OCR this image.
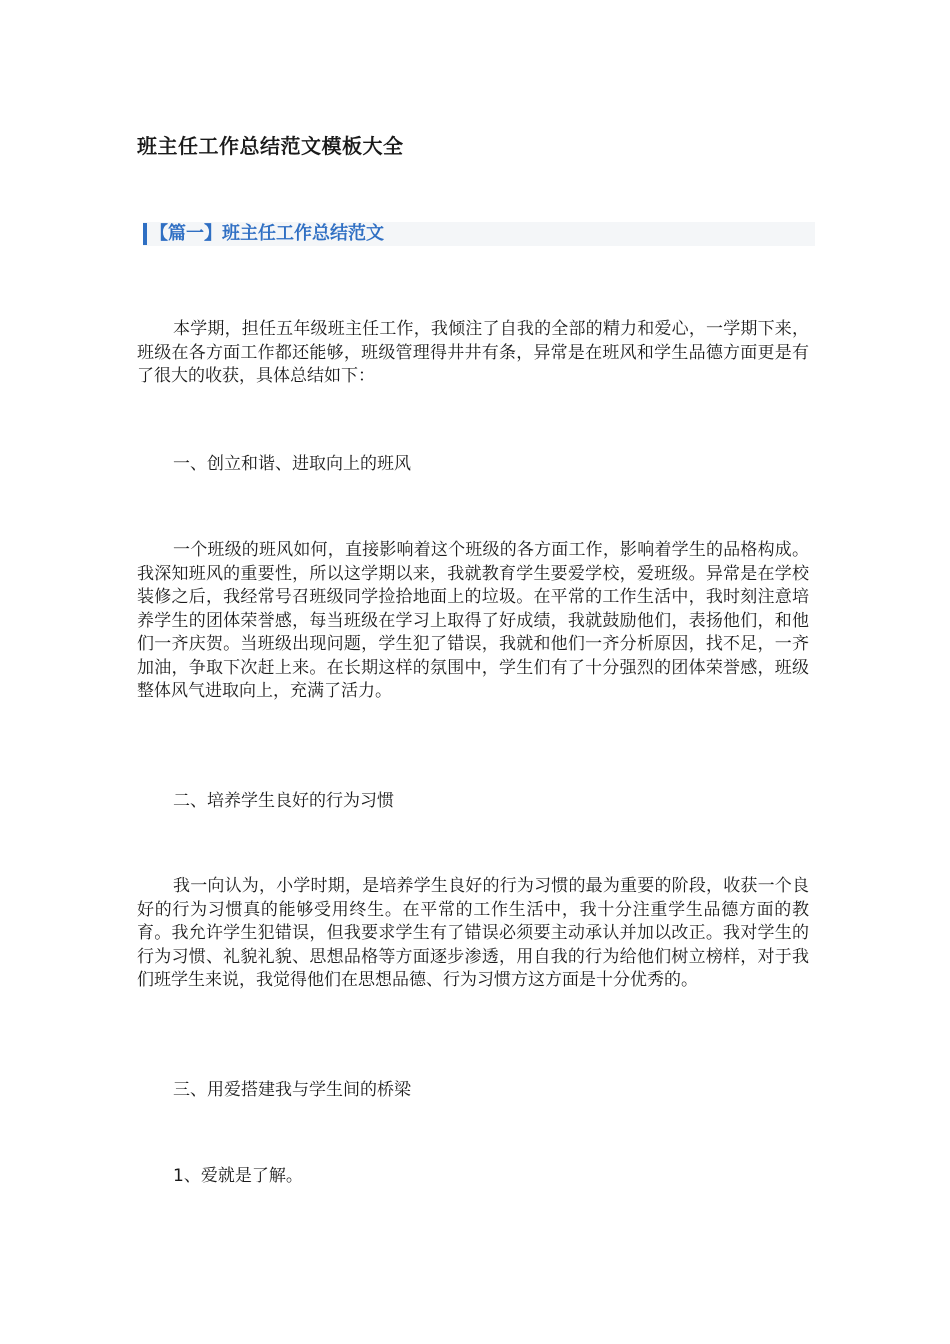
班主任工作总结范文模板大全
【篇一】班主任工作总结范文

本学期，担任五年级班主任工作，我倾注了自我的全部的精力和爱心，一学期下来，班级在各方面工作都还能够，班级管理得井井有条，异常是在班风和学生品德方面更是有了很大的收获，具体总结如下：

一、创立和谐、进取向上的班风

一个班级的班风如何，直接影响着这个班级的各方面工作，影响着学生的品格构成。我深知班风的重要性，所以这学期以来，我就教育学生要爱学校，爱班级。异常是在学校装修之后，我经常号召班级同学捡拾地面上的垃圾。在平常的工作生活中，我时刻注意培养学生的团体荣誉感，每当班级在学习上取得了好成绩，我就鼓励他们，表扬他们，和他们一齐庆贺。当班级出现问题，学生犯了错误，我就和他们一齐分析原因，找不足，一齐加油，争取下次赶上来。在长期这样的氛围中，学生们有了十分强烈的团体荣誉感，班级整体风气进取向上，充满了活力。

二、培养学生良好的行为习惯

我一向认为，小学时期，是培养学生良好的行为习惯的最为重要的阶段，收获一个良好的行为习惯真的能够受用终生。在平常的工作生活中，我十分注重学生品德方面的教育。我允许学生犯错误，但我要求学生有了错误必须要主动承认并加以改正。我对学生的行为习惯、礼貌礼貌、思想品格等方面逐步渗透，用自我的行为给他们树立榜样，对于我们班学生来说，我觉得他们在思想品德、行为习惯方这方面是十分优秀的。

三、用爱搭建我与学生间的桥梁

1、爱就是了解。
